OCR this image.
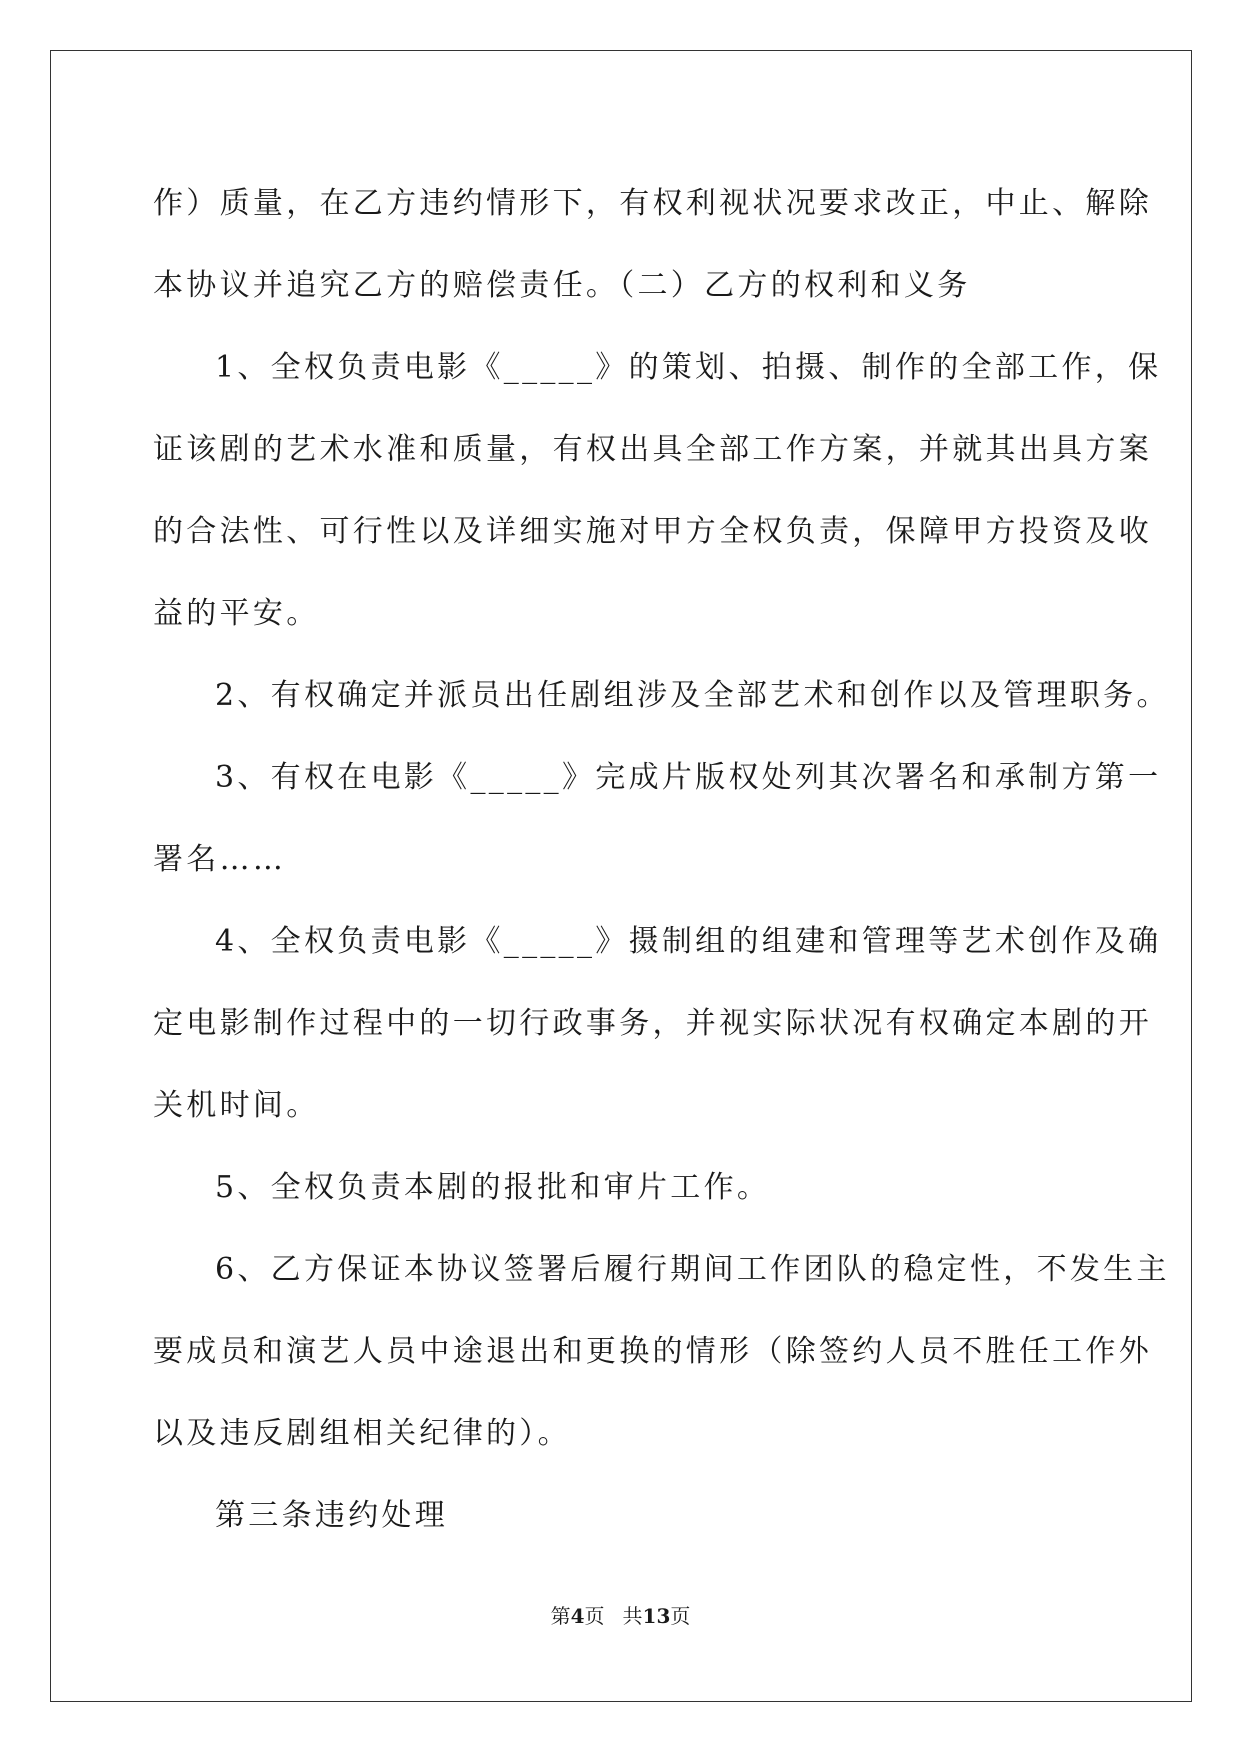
作）质量，在乙方违约情形下，有权利视状况要求改正，中止、解除
本协议并追究乙方的赔偿责任。（二）乙方的权利和义务
1、全权负责电影《_____》的策划、拍摄、制作的全部工作，保
证该剧的艺术水准和质量，有权出具全部工作方案，并就其出具方案
的合法性、可行性以及详细实施对甲方全权负责，保障甲方投资及收
益的平安。
2、有权确定并派员出任剧组涉及全部艺术和创作以及管理职务。
3、有权在电影《_____》完成片版权处列其次署名和承制方第一
署名……
4、全权负责电影《_____》摄制组的组建和管理等艺术创作及确
定电影制作过程中的一切行政事务，并视实际状况有权确定本剧的开
关机时间。
5、全权负责本剧的报批和审片工作。
6、乙方保证本协议签署后履行期间工作团队的稳定性，不发生主
要成员和演艺人员中途退出和更换的情形（除签约人员不胜任工作外
以及违反剧组相关纪律的）。
第三条违约处理
第4页 共13页
